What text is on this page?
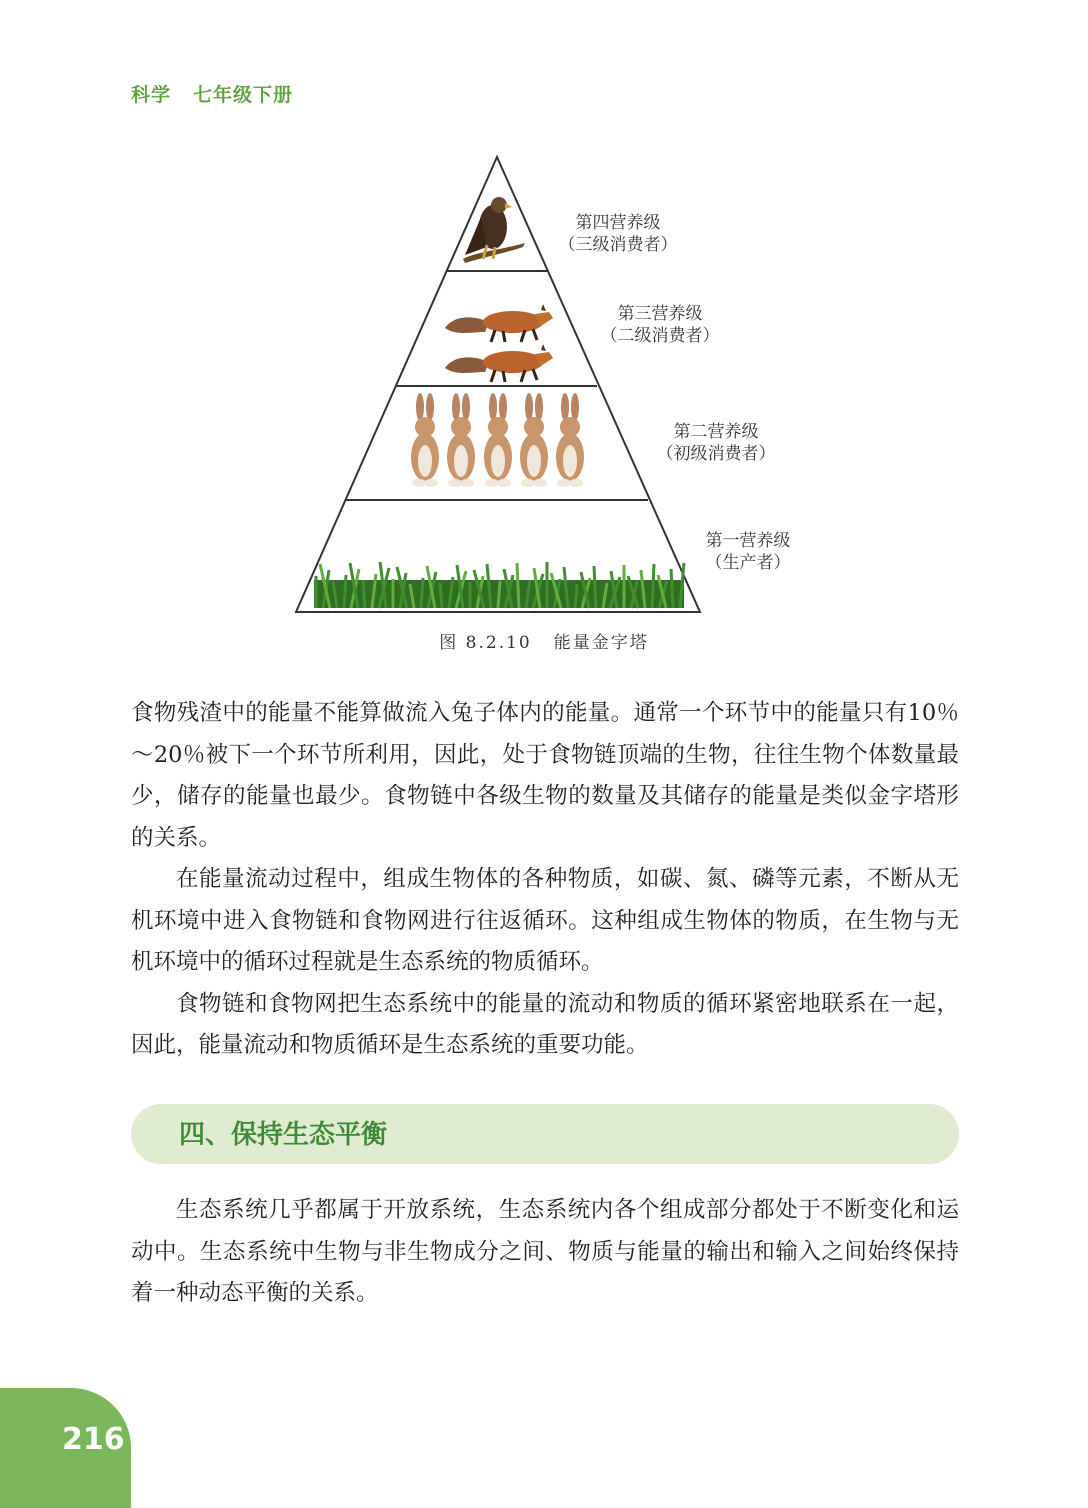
科学 七年级下册
第四营养级
（三级消费者）
第三营养级
（二级消费者）
第二营养级
（初级消费者）
第一营养级
（生产者）
图 8.2.10 能量金字塔

食物残渣中的能量不能算做流入兔子体内的能量。通常一个环节中的能量只有10％～20％被下一个环节所利用，因此，处于食物链顶端的生物，往往生物个体数量最少，储存的能量也最少。食物链中各级生物的数量及其储存的能量是类似金字塔形的关系。

在能量流动过程中，组成生物体的各种物质，如碳、氮、磷等元素，不断从无机环境中进入食物链和食物网进行往返循环。这种组成生物体的物质，在生物与无机环境中的循环过程就是生态系统的物质循环。

食物链和食物网把生态系统中的能量的流动和物质的循环紧密地联系在一起，因此，能量流动和物质循环是生态系统的重要功能。

四、保持生态平衡

生态系统几乎都属于开放系统，生态系统内各个组成部分都处于不断变化和运动中。生态系统中生物与非生物成分之间、物质与能量的输出和输入之间始终保持着一种动态平衡的关系。

216
